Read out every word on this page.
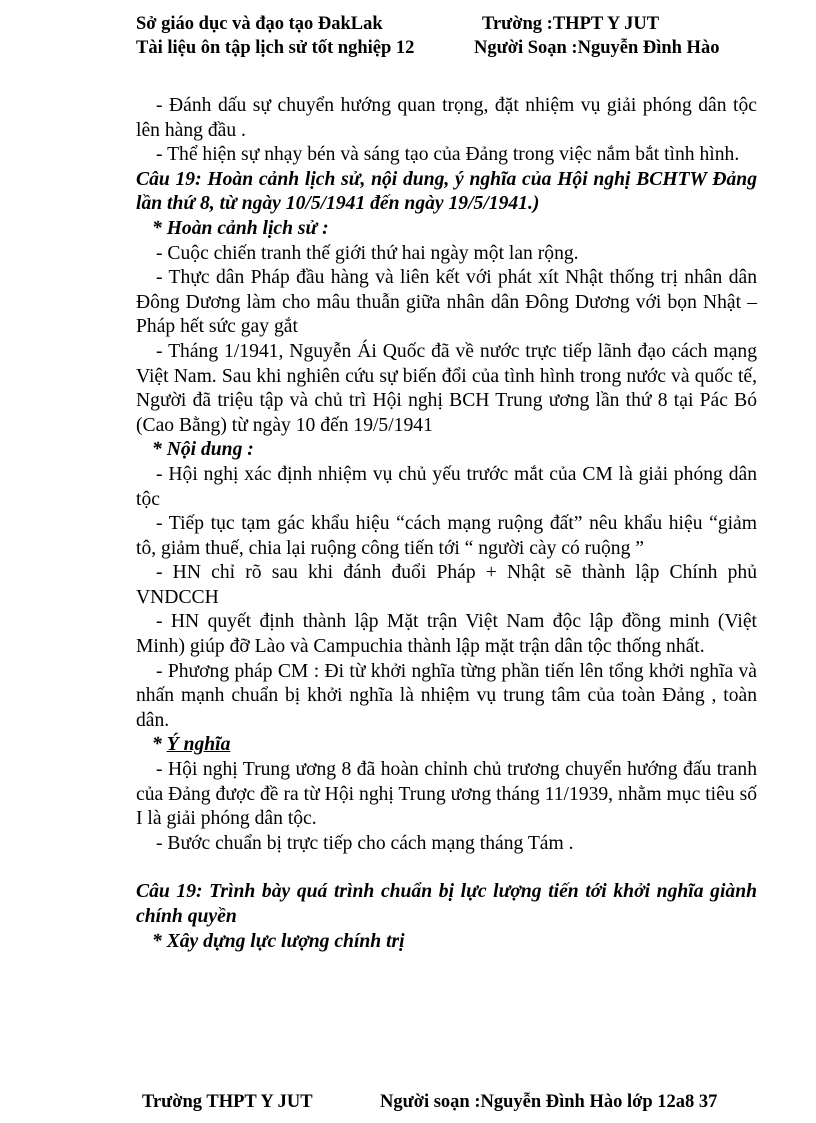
Sở giáo dục và đạo tạo ĐakLak	Trường :THPT Y JUT
Tài liệu ôn tập lịch sử tốt nghiệp 12	Người Soạn :Nguyễn Đình Hào

- Đánh dấu sự chuyển hướng quan trọng, đặt nhiệm vụ giải phóng dân tộc lên hàng đầu .

- Thể hiện sự nhạy bén và sáng tạo của Đảng trong việc nắm bắt tình hình.

Câu 19: Hoàn cảnh lịch sử, nội dung, ý nghĩa của Hội nghị BCHTW Đảng lần thứ 8, từ ngày 10/5/1941 đến ngày 19/5/1941.)

* Hoàn cảnh lịch sử :

- Cuộc chiến tranh thế giới thứ hai ngày một lan rộng.

- Thực dân Pháp đầu hàng và liên kết với phát xít Nhật thống trị nhân dân Đông Dương làm cho mâu thuẫn giữa nhân dân Đông Dương với bọn Nhật – Pháp hết sức gay gắt

- Tháng 1/1941, Nguyễn Ái Quốc đã về nước trực tiếp lãnh đạo cách mạng Việt Nam. Sau khi nghiên cứu sự biến đổi của tình hình trong nước và quốc tế, Người đã triệu tập và chủ trì Hội nghị BCH Trung ương lần thứ 8 tại Pác Bó (Cao Bằng) từ ngày 10 đến 19/5/1941

* Nội dung :

- Hội nghị xác định nhiệm vụ chủ yếu trước mắt của CM là giải phóng dân tộc

- Tiếp tục tạm gác khẩu hiệu “cách mạng ruộng đất” nêu khẩu hiệu “giảm tô, giảm thuế, chia lại ruộng công tiến tới “ người cày có ruộng ”

- HN chỉ rõ sau khi đánh đuổi Pháp + Nhật sẽ thành lập Chính phủ VNDCCH

- HN quyết định thành lập Mặt trận Việt Nam độc lập đồng minh (Việt Minh) giúp đỡ Lào và Campuchia thành lập mặt trận dân tộc thống nhất.

- Phương pháp CM : Đi từ khởi nghĩa từng phần tiến lên tổng khởi nghĩa và nhấn mạnh chuẩn bị khởi nghĩa là nhiệm vụ trung tâm của toàn Đảng , toàn dân.

* Ý nghĩa

- Hội nghị Trung ương 8 đã hoàn chỉnh chủ trương chuyển hướng đấu tranh của Đảng được đề ra từ Hội nghị Trung ương tháng 11/1939, nhằm mục tiêu số I là giải phóng dân tộc.

- Bước chuẩn bị trực tiếp cho cách mạng tháng Tám .

Câu 19: Trình bày quá trình chuẩn bị lực lượng tiến tới khởi nghĩa giành chính quyền

* Xây dựng lực lượng chính trị

Trường THPT Y JUT	Người soạn :Nguyễn Đình Hào lớp 12a8 37
